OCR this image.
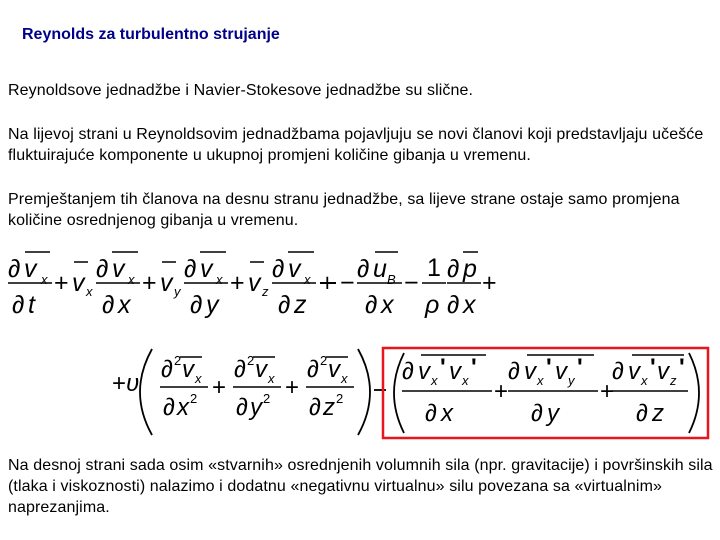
Reynolds za turbulentno strujanje
Reynoldsove jednadžbe i Navier-Stokesove jednadžbe su slične.
Na lijevoj strani u Reynoldsovim jednadžbama pojavljuju se novi članovi koji predstavljaju učešće fluktuirajuće komponente u ukupnoj promjeni količine gibanja u vremenu.
Premještanjem tih članova na desnu stranu jednadžbe, sa lijeve strane ostaje samo promjena količine osrednjenog gibanja u vremenu.
∂ v x
∂ t
+ v x
∂ v x
∂ x
+ v y
∂ v x
∂ y
+ v z
∂ v x
∂ z
+ − ∂ u B
∂ x
−
1
ρ
∂ p
∂ x
+
+ υ
∂ 2 v x
∂ x 2 +
∂ 2 v x
∂ y 2 +
∂ 2 v x
∂ z 2
∂ v x ' v x '
∂ x
+
∂ v x ' v y '
∂ y
+
∂ v x ' v z '
∂ z
Na desnoj strani sada osim «stvarnih» osrednjenih volumnih sila (npr. gravitacije) i površinskih sila (tlaka i viskoznosti) nalazimo i dodatnu «negativnu virtualnu» silu povezana sa «virtualnim» naprezanjima.
